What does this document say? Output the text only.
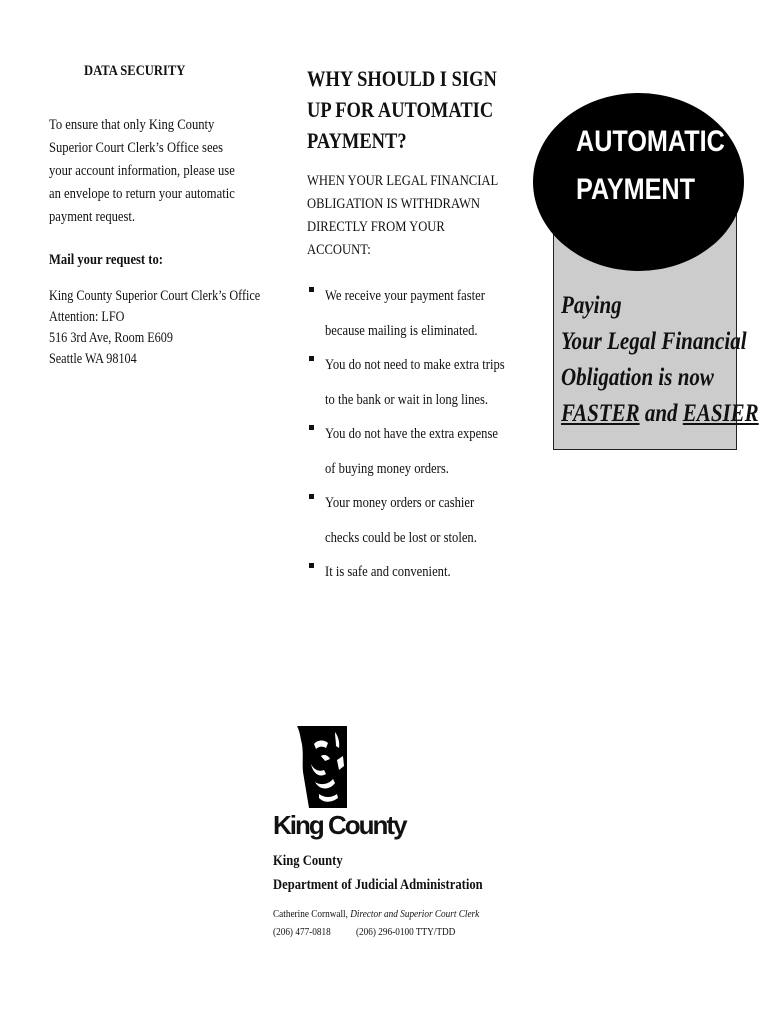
DATA SECURITY
To ensure that only King County Superior Court Clerk’s Office sees your account information, please use an envelope to return your automatic payment request.
Mail your request to:
King County Superior Court Clerk’s Office
Attention: LFO
516 3rd Ave, Room E609
Seattle WA 98104
WHY SHOULD I SIGN
UP FOR AUTOMATIC
PAYMENT?
WHEN YOUR LEGAL FINANCIAL
OBLIGATION IS WITHDRAWN
DIRECTLY FROM YOUR
ACCOUNT:
We receive your payment faster
because mailing is eliminated.
You do not need to make extra trips
to the bank or wait in long lines.
You do not have the extra expense
of buying money orders.
Your money orders or cashier
checks could be lost or stolen.
It is safe and convenient.
AUTOMATIC
PAYMENT
Paying
Your Legal Financial
Obligation is now
FASTER and EASIER
King County
King County
Department of Judicial Administration
Catherine Cornwall, Director and Superior Court Clerk
(206) 477-0818 (206) 296-0100 TTY/TDD
